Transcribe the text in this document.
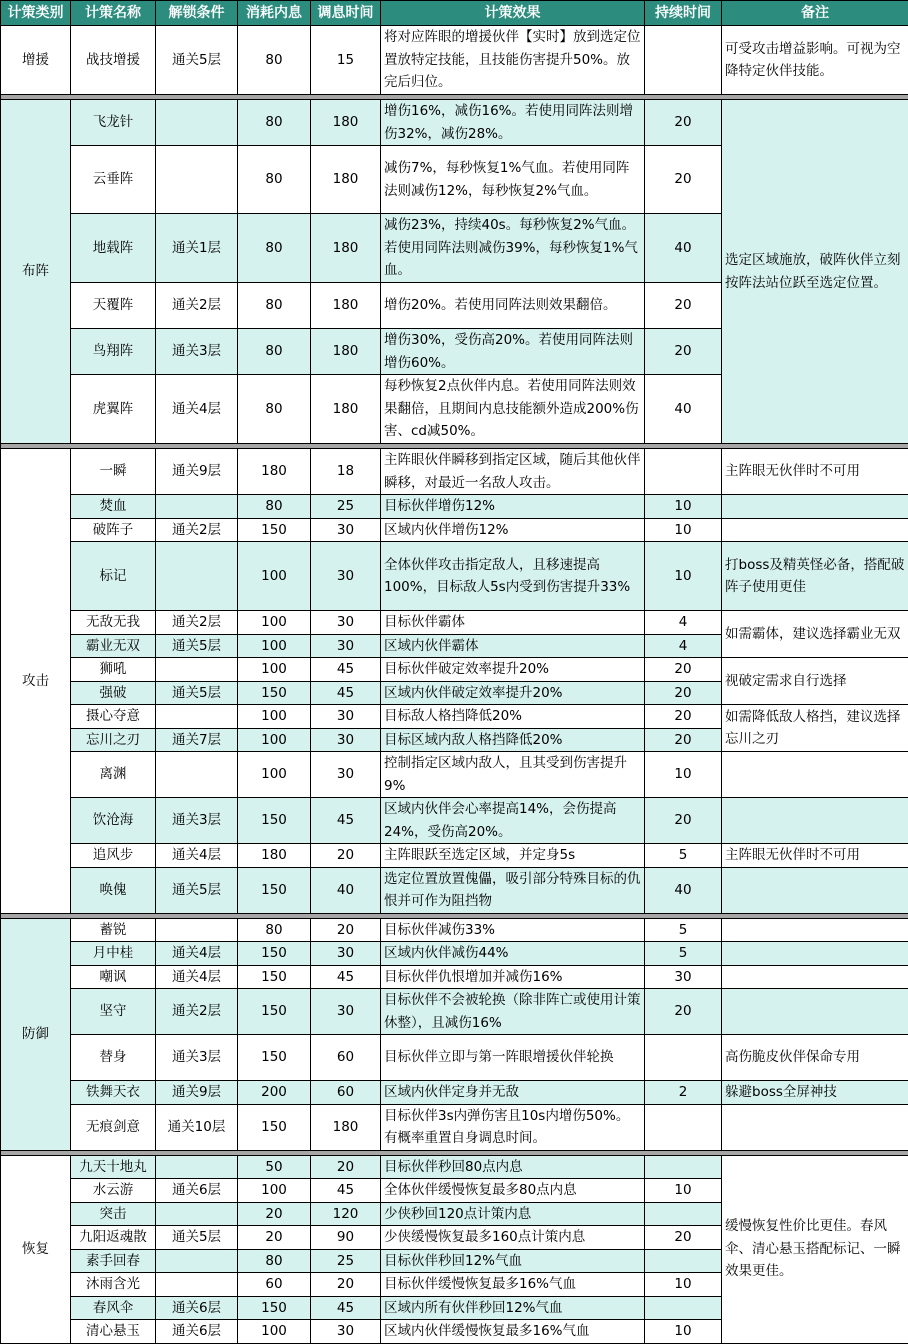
计策类别	计策名称	解锁条件	消耗内息	调息时间	计策效果	持续时间	备注
增援	战技增援	通关5层	80	15	将对应阵眼的增援伙伴【实时】放到选定位置放特定技能，且技能伤害提升50%。放完后归位。		可受攻击增益影响。可视为空降特定伙伴技能。

布阵	飞龙针		80	180	增伤16%，减伤16%。若使用同阵法则增伤32%，减伤28%。	20	选定区域施放，破阵伙伴立刻按阵法站位跃至选定位置。
	云垂阵		80	180	减伤7%，每秒恢复1%气血。若使用同阵法则减伤12%，每秒恢复2%气血。	20	
	地载阵	通关1层	80	180	减伤23%，持续40s。每秒恢复2%气血。若使用同阵法则减伤39%，每秒恢复1%气血。	40	
	天覆阵	通关2层	80	180	增伤20%。若使用同阵法则效果翻倍。	20	
	鸟翔阵	通关3层	80	180	增伤30%，受伤高20%。若使用同阵法则增伤60%。	20	
	虎翼阵	通关4层	80	180	每秒恢复2点伙伴内息。若使用同阵法则效果翻倍，且期间内息技能额外造成200%伤害、cd减50%。	40	

攻击	一瞬	通关9层	180	18	主阵眼伙伴瞬移到指定区域，随后其他伙伴瞬移，对最近一名敌人攻击。		主阵眼无伙伴时不可用
	焚血		80	25	目标伙伴增伤12%	10	
	破阵子	通关2层	150	30	区域内伙伴增伤12%	10	
	标记		100	30	全体伙伴攻击指定敌人，且移速提高100%，目标敌人5s内受到伤害提升33%	10	打boss及精英怪必备，搭配破阵子使用更佳
	无敌无我	通关2层	100	30	目标伙伴霸体	4	如需霸体，建议选择霸业无双
	霸业无双	通关5层	100	30	区域内伙伴霸体	4	
	狮吼		100	45	目标伙伴破定效率提升20%	20	视破定需求自行选择
	强破	通关5层	150	45	区域内伙伴破定效率提升20%	20	
	摄心夺意		100	30	目标敌人格挡降低20%	20	如需降低敌人格挡，建议选择忘川之刃
	忘川之刃	通关7层	100	30	目标区域内敌人格挡降低20%	20	
	离渊		100	30	控制指定区域内敌人，且其受到伤害提升9%	10	
	饮沧海	通关3层	150	45	区域内伙伴会心率提高14%，会伤提高24%，受伤高20%。	20	
	追风步	通关4层	180	20	主阵眼跃至选定区域，并定身5s	5	主阵眼无伙伴时不可用
	唤傀	通关5层	150	40	选定位置放置傀儡，吸引部分特殊目标的仇恨并可作为阻挡物	40	

防御	蓄锐		80	20	目标伙伴减伤33%	5	
	月中桂	通关4层	150	30	区域内伙伴减伤44%	5	
	嘲讽	通关4层	150	45	目标伙伴仇恨增加并减伤16%	30	
	坚守	通关2层	150	30	目标伙伴不会被轮换（除非阵亡或使用计策休整），且减伤16%	20	
	替身	通关3层	150	60	目标伙伴立即与第一阵眼增援伙伴轮换		高伤脆皮伙伴保命专用
	铁舞天衣	通关9层	200	60	区域内伙伴定身并无敌	2	躲避boss全屏神技
	无痕剑意	通关10层	150	180	目标伙伴3s内弹伤害且10s内增伤50%。有概率重置自身调息时间。		

恢复	九天十地丸		50	20	目标伙伴秒回80点内息		缓慢恢复性价比更佳。春风伞、清心悬玉搭配标记、一瞬效果更佳。
	水云游	通关6层	100	45	全体伙伴缓慢恢复最多80点内息	10	
	突击		20	120	少侠秒回120点计策内息		
	九阳返魂散	通关5层	20	90	少侠缓慢恢复最多160点计策内息	20	
	素手回春		80	25	目标伙伴秒回12%气血		
	沐雨含光		60	20	目标伙伴缓慢恢复最多16%气血	10	
	春风伞	通关6层	150	45	区域内所有伙伴秒回12%气血		
	清心悬玉	通关6层	100	30	区域内伙伴缓慢恢复最多16%气血	10	
